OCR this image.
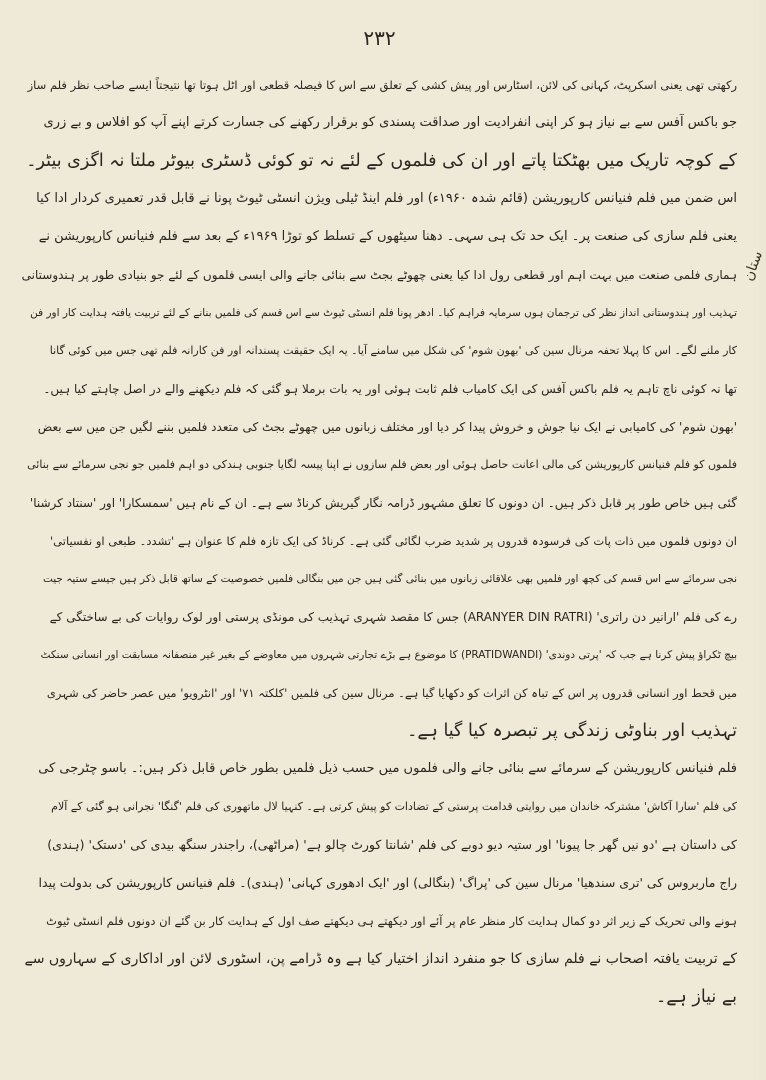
۲۳۲

رکھتی تھی یعنی اسکرپٹ، کہانی کی لائن، اسٹارس اور پیش کشی کے تعلق سے اس کا فیصلہ قطعی اور اٹل ہوتا تھا نتیجتاً ایسے صاحب نظر فلم ساز

جو باکس آفس سے بے نیاز ہو کر اپنی انفرادیت اور صداقت پسندی کو برقرار رکھنے کی جسارت کرتے اپنے آپ کو افلاس و بے زری

کے کوچہ تاریک میں بھٹکتا پاتے اور ان کی فلموں کے لئے نہ تو کوئی ڈسٹری بیوٹر ملتا نہ اگزی بیٹر۔

اس ضمن میں فلم فنیانس کارپوریشن (قائم شدہ ۱۹۶۰ء) اور فلم اینڈ ٹیلی ویژن انسٹی ٹیوٹ پونا نے قابل قدر تعمیری کردار ادا کیا

یعنی فلم سازی کی صنعت پر۔ ایک حد تک ہی سہی۔ دھنا سیٹھوں کے تسلط کو توڑا ۱۹۶۹ء کے بعد سے فلم فنیانس کارپوریشن نے

ہماری فلمی صنعت میں بہت اہم اور قطعی رول ادا کیا یعنی چھوٹے بجٹ سے بنائی جانے والی ایسی فلموں کے لئے جو بنیادی طور پر ہندوستانی

تہذیب اور ہندوستانی انداز نظر کی ترجمان ہوں سرمایہ فراہم کیا۔ ادھر پونا فلم انسٹی ٹیوٹ سے اس قسم کی فلمیں بنانے کے لئے تربیت یافتہ ہدایت کار اور فن

کار ملنے لگے۔ اس کا پہلا تحفہ مرنال سین کی 'بھون شوم' کی شکل میں سامنے آیا۔ یہ ایک حقیقت پسندانہ اور فن کارانہ فلم تھی جس میں کوئی گانا

تھا نہ کوئی ناچ تاہم یہ فلم باکس آفس کی ایک کامیاب فلم ثابت ہوئی اور یہ بات برملا ہو گئی کہ فلم دیکھنے والے در اصل چاہتے کیا ہیں۔

'بھون شوم' کی کامیابی نے ایک نیا جوش و خروش پیدا کر دیا اور مختلف زبانوں میں چھوٹے بجٹ کی متعدد فلمیں بننے لگیں جن میں سے بعض

فلموں کو فلم فنیانس کارپوریشن کی مالی اعانت حاصل ہوئی اور بعض فلم سازوں نے اپنا پیسہ لگایا جنوبی ہندکی دو اہم فلمیں جو نجی سرمائے سے بنائی

گئی ہیں خاص طور پر قابل ذکر ہیں۔ ان دونوں کا تعلق مشہور ڈرامہ نگار گیریش کرناڈ سے ہے۔ ان کے نام ہیں 'سمسکارا' اور 'سنتاد کرشنا'

ان دونوں فلموں میں ذات پات کی فرسودہ قدروں پر شدید ضرب لگائی گئی ہے۔ کرناڈ کی ایک تازہ فلم کا عنوان ہے 'تشدد۔ طبعی او نفسیاتی'

نجی سرمائے سے اس قسم کی کچھ اور فلمیں بھی علاقائی زبانوں میں بنائی گئی ہیں جن میں بنگالی فلمیں خصوصیت کے ساتھ قابل ذکر ہیں جیسے ستیہ جیت

رے کی فلم 'ارانیر دن راتری' (ARANYER DIN RATRI) جس کا مقصد شہری تہذیب کی مونڈی پرستی اور لوک روایات کی بے ساختگی کے

بیچ ٹکراؤ پیش کرنا ہے جب کہ 'پرتی دوندی' (PRATIDWANDI) کا موضوع ہے بڑے تجارتی شہروں میں معاوضے کے بغیر غیر منصفانہ مسابقت اور انسانی سنکٹ

میں قحط اور انسانی قدروں پر اس کے تباہ کن اثرات کو دکھایا گیا ہے۔ مرنال سین کی فلمیں 'کلکتہ ۷۱' اور 'انٹرویو' میں عصر حاضر کی شہری

تہذیب اور بناوٹی زندگی پر تبصرہ کیا گیا ہے۔

فلم فنیانس کارپوریشن کے سرمائے سے بنائی جانے والی فلموں میں حسب ذیل فلمیں بطور خاص قابل ذکر ہیں:۔ باسو چٹرجی کی

کی فلم 'سارا آکاش' مشترکہ خاندان میں روایتی قدامت پرستی کے تضادات کو پیش کرتی ہے۔ کنہیا لال ماتھوری کی فلم 'گنگا' نجرانی ہو گئی کے آلام

کی داستان ہے 'دو نیں گھر جا پیونا' اور ستیہ دیو دوبے کی فلم 'شانتا کورٹ چالو ہے' (مراٹھی)، راجندر سنگھ بیدی کی 'دستک' (ہندی)

راج ماربروس کی 'تری سندھیا' مرنال سین کی 'پراگ' (بنگالی) اور 'ایک ادھوری کہانی' (ہندی)۔ فلم فنیانس کارپوریشن کی بدولت پیدا

ہونے والی تحریک کے زیر اثر دو کمال ہدایت کار منظر عام پر آئے اور دیکھتے ہی دیکھتے صف اول کے ہدایت کار بن گئے ان دونوں فلم انسٹی ٹیوٹ

کے تربیت یافتہ اصحاب نے فلم سازی کا جو منفرد انداز اختیار کیا ہے وہ ڈرامے پن، اسٹوری لائن اور اداکاری کے سہاروں سے

بے نیاز ہے۔

ستان
